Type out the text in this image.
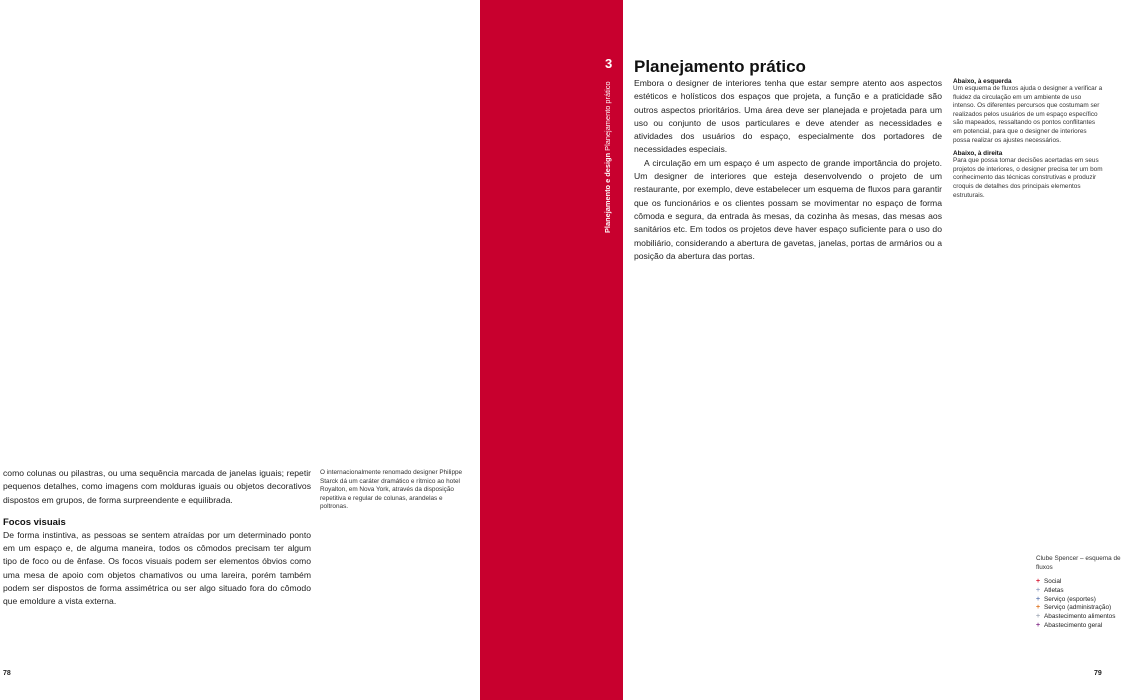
como colunas ou pilastras, ou uma sequência marcada de janelas iguais; repetir pequenos detalhes, como imagens com molduras iguais ou objetos decorativos dispostos em grupos, de forma surpreendente e equilibrada.

Focos visuais

De forma instintiva, as pessoas se sentem atraídas por um determinado ponto em um espaço e, de alguma maneira, todos os cômodos precisam ter algum tipo de foco ou de ênfase. Os focos visuais podem ser elementos óbvios como uma mesa de apoio com objetos chamativos ou uma lareira, porém também podem ser dispostos de forma assimétrica ou ser algo situado fora do cômodo que emoldure a vista externa.

O internacionalmente renomado designer Philippe Starck dá um caráter dramático e rítmico ao hotel Royalton, em Nova York, através da disposição repetitiva e regular de colunas, arandelas e poltronas.

78
3
Planejamento e design Planejamento prático
Planejamento prático

Embora o designer de interiores tenha que estar sempre atento aos aspectos estéticos e holísticos dos espaços que projeta, a função e a praticidade são outros aspectos prioritários. Uma área deve ser planejada e projetada para um uso ou conjunto de usos particulares e deve atender as necessidades e atividades dos usuários do espaço, especialmente dos portadores de necessidades especiais.

A circulação em um espaço é um aspecto de grande importância do projeto. Um designer de interiores que esteja desenvolvendo o projeto de um restaurante, por exemplo, deve estabelecer um esquema de fluxos para garantir que os funcionários e os clientes possam se movimentar no espaço de forma cômoda e segura, da entrada às mesas, da cozinha às mesas, das mesas aos sanitários etc. Em todos os projetos deve haver espaço suficiente para o uso do mobiliário, considerando a abertura de gavetas, janelas, portas de armários ou a posição da abertura das portas.

Abaixo, à esquerda

Um esquema de fluxos ajuda o designer a verificar a fluidez da circulação em um ambiente de uso intenso. Os diferentes percursos que costumam ser realizados pelos usuários de um espaço específico são mapeados, ressaltando os pontos conflitantes em potencial, para que o designer de interiores possa realizar os ajustes necessários.

Abaixo, à direita

Para que possa tomar decisões acertadas em seus projetos de interiores, o designer precisa ter um bom conhecimento das técnicas construtivas e produzir croquis de detalhes dos principais elementos estruturais.

Clube Spencer – esquema de fluxos

+ Social
+ Atletas
+ Serviço (esportes)
+ Serviço (administração)
+ Abastecimento alimentos
+ Abastecimento geral
79
